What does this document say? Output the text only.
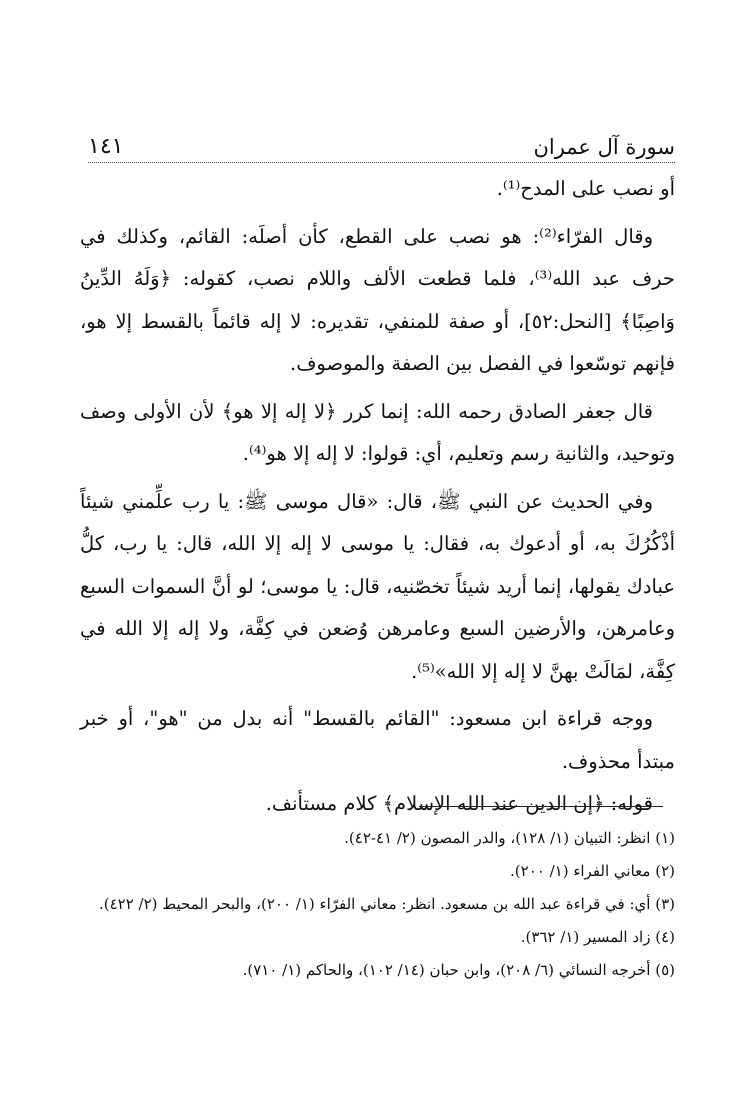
سورة آل عمران
١٤١

أو نصب على المدح⁽¹⁾.

وقال الفرّاء⁽²⁾: هو نصب على القطع، كأن أصلَه: القائم، وكذلك في حرف عبد الله⁽³⁾، فلما قطعت الألف واللام نصب، كقوله: ﴿وَلَهُ الدِّينُ وَاصِبًا﴾ [النحل:٥٢]، أو صفة للمنفي، تقديره: لا إله قائماً بالقسط إلا هو، فإنهم توسّعوا في الفصل بين الصفة والموصوف.

قال جعفر الصادق رحمه الله: إنما كرر ﴿لا إله إلا هو﴾ لأن الأولى وصف وتوحيد، والثانية رسم وتعليم، أي: قولوا: لا إله إلا هو⁽⁴⁾.

وفي الحديث عن النبي ﷺ، قال: «قال موسى ﷺ: يا رب علِّمني شيئاً أذْكُرُكَ به، أو أدعوك به، فقال: يا موسى لا إله إلا الله، قال: يا رب، كلُّ عبادك يقولها، إنما أريد شيئاً تخصّنيه، قال: يا موسى؛ لو أنَّ السموات السبع وعامرهن، والأرضين السبع وعامرهن وُضعن في كِفَّة، ولا إله إلا الله في كِفَّة، لمَالَتْ بهنَّ لا إله إلا الله»⁽⁵⁾.

ووجه قراءة ابن مسعود: "القائم بالقسط" أنه بدل من "هو"، أو خبر مبتدأ محذوف.

قوله: ﴿إن الدين عند الله الإسلام﴾ كلام مستأنف.

(١) انظر: التبيان (١/ ١٢٨)، والدر المصون (٢/ ٤١-٤٢).

(٢) معاني الفراء (١/ ٢٠٠).

(٣) أي: في قراءة عبد الله بن مسعود. انظر: معاني الفرّاء (١/ ٢٠٠)، والبحر المحيط (٢/ ٤٢٢).

(٤) زاد المسير (١/ ٣٦٢).

(٥) أخرجه النسائي (٦/ ٢٠٨)، وابن حبان (١٤/ ١٠٢)، والحاكم (١/ ٧١٠).
